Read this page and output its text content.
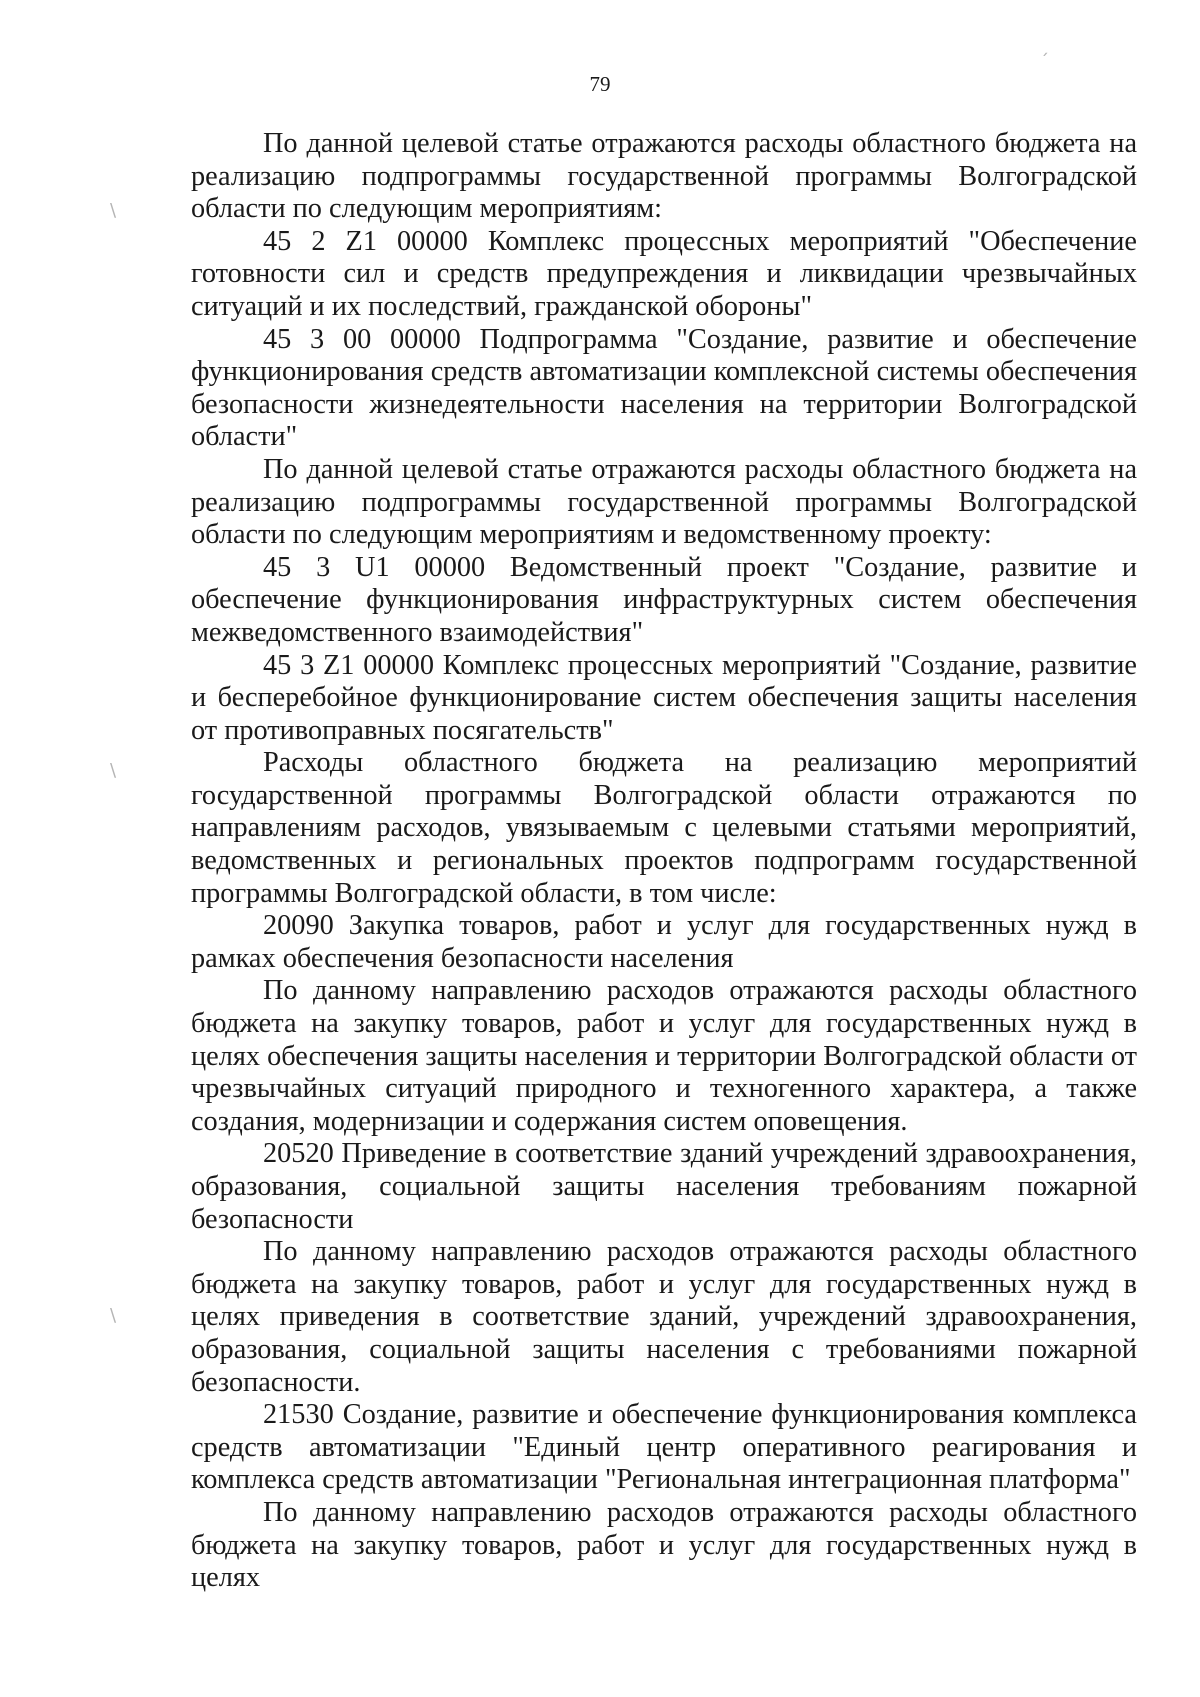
ˏ
\
\
\
79

По данной целевой статье отражаются расходы областного бюджета на реализацию подпрограммы государственной программы Волгоградской области по следующим мероприятиям:

45 2 Z1 00000 Комплекс процессных мероприятий "Обеспечение готовности сил и средств предупреждения и ликвидации чрезвычайных ситуаций и их последствий, гражданской обороны"

45 3 00 00000 Подпрограмма "Создание, развитие и обеспечение функционирования средств автоматизации комплексной системы обеспечения безопасности жизнедеятельности населения на территории Волгоградской области"

По данной целевой статье отражаются расходы областного бюджета на реализацию подпрограммы государственной программы Волгоградской области по следующим мероприятиям и ведомственному проекту:

45 3 U1 00000 Ведомственный проект "Создание, развитие и обеспечение функционирования инфраструктурных систем обеспечения межведомственного взаимодействия"

45 3 Z1 00000 Комплекс процессных мероприятий "Создание, развитие и бесперебойное функционирование систем обеспечения защиты населения от противоправных посягательств"

Расходы областного бюджета на реализацию мероприятий государственной программы Волгоградской области отражаются по направлениям расходов, увязываемым с целевыми статьями мероприятий, ведомственных и региональных проектов подпрограмм государственной программы Волгоградской области, в том числе:

20090 Закупка товаров, работ и услуг для государственных нужд в рамках обеспечения безопасности населения

По данному направлению расходов отражаются расходы областного бюджета на закупку товаров, работ и услуг для государственных нужд в целях обеспечения защиты населения и территории Волгоградской области от чрезвычайных ситуаций природного и техногенного характера, а также создания, модернизации и содержания систем оповещения.

20520 Приведение в соответствие зданий учреждений здравоохранения, образования, социальной защиты населения требованиям пожарной безопасности

По данному направлению расходов отражаются расходы областного бюджета на закупку товаров, работ и услуг для государственных нужд в целях приведения в соответствие зданий, учреждений здравоохранения, образования, социальной защиты населения с требованиями пожарной безопасности.

21530 Создание, развитие и обеспечение функционирования комплекса средств автоматизации "Единый центр оперативного реагирования и комплекса средств автоматизации "Региональная интеграционная платформа"

По данному направлению расходов отражаются расходы областного бюджета на закупку товаров, работ и услуг для государственных нужд в целях
